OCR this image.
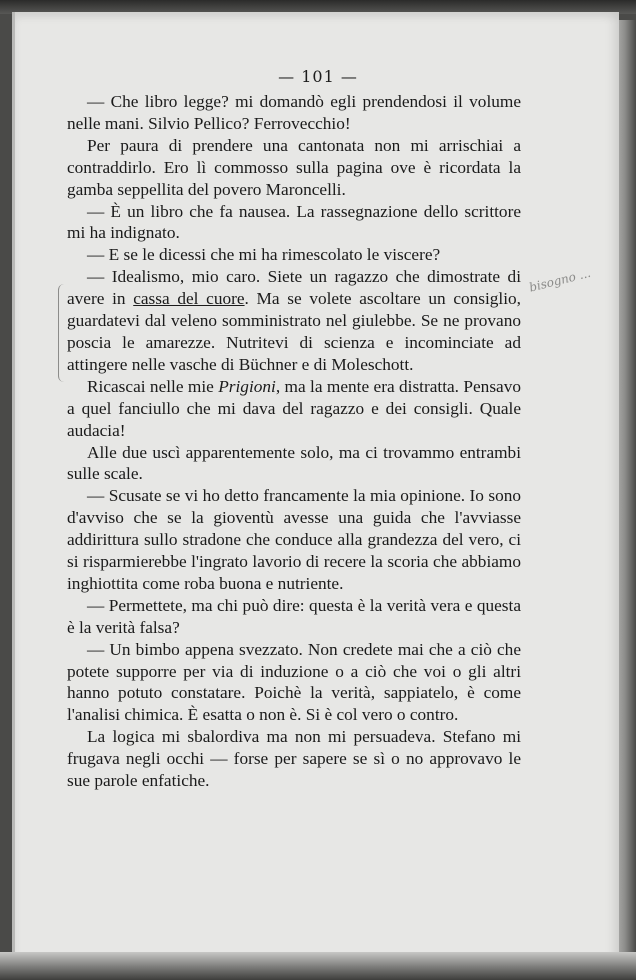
— 101 —

— Che libro legge? mi domandò egli prendendosi il volume nelle mani. Silvio Pellico? Ferrovecchio!

Per paura di prendere una cantonata non mi arrischiai a contraddirlo. Ero lì commosso sulla pagina ove è ricordata la gamba seppellita del povero Maroncelli.

— È un libro che fa nausea. La rassegnazione dello scrittore mi ha indignato.

— E se le dicessi che mi ha rimescolato le viscere?

— Idealismo, mio caro. Siete un ragazzo che dimostrate di avere in cassa del cuore. Ma se volete ascoltare un consiglio, guardatevi dal veleno somministrato nel giulebbe. Se ne provano poscia le amarezze. Nutritevi di scienza e incominciate ad attingere nelle vasche di Büchner e di Moleschott.

Ricascai nelle mie Prigioni, ma la mente era distratta. Pensavo a quel fanciullo che mi dava del ragazzo e dei consigli. Quale audacia!

Alle due uscì apparentemente solo, ma ci trovammo entrambi sulle scale.

— Scusate se vi ho detto francamente la mia opinione. Io sono d'avviso che se la gioventù avesse una guida che l'avviasse addirittura sullo stradone che conduce alla grandezza del vero, ci si risparmierebbe l'ingrato lavorio di recere la scoria che abbiamo inghiottita come roba buona e nutriente.

— Permettete, ma chi può dire: questa è la verità vera e questa è la verità falsa?

— Un bimbo appena svezzato. Non credete mai che a ciò che potete supporre per via di induzione o a ciò che voi o gli altri hanno potuto constatare. Poichè la verità, sappiatelo, è come l'analisi chimica. È esatta o non è. Si è col vero o contro.

La logica mi sbalordiva ma non mi persuadeva. Stefano mi frugava negli occhi — forse per sapere se sì o no approvavo le sue parole enfatiche.

bisogno ...
